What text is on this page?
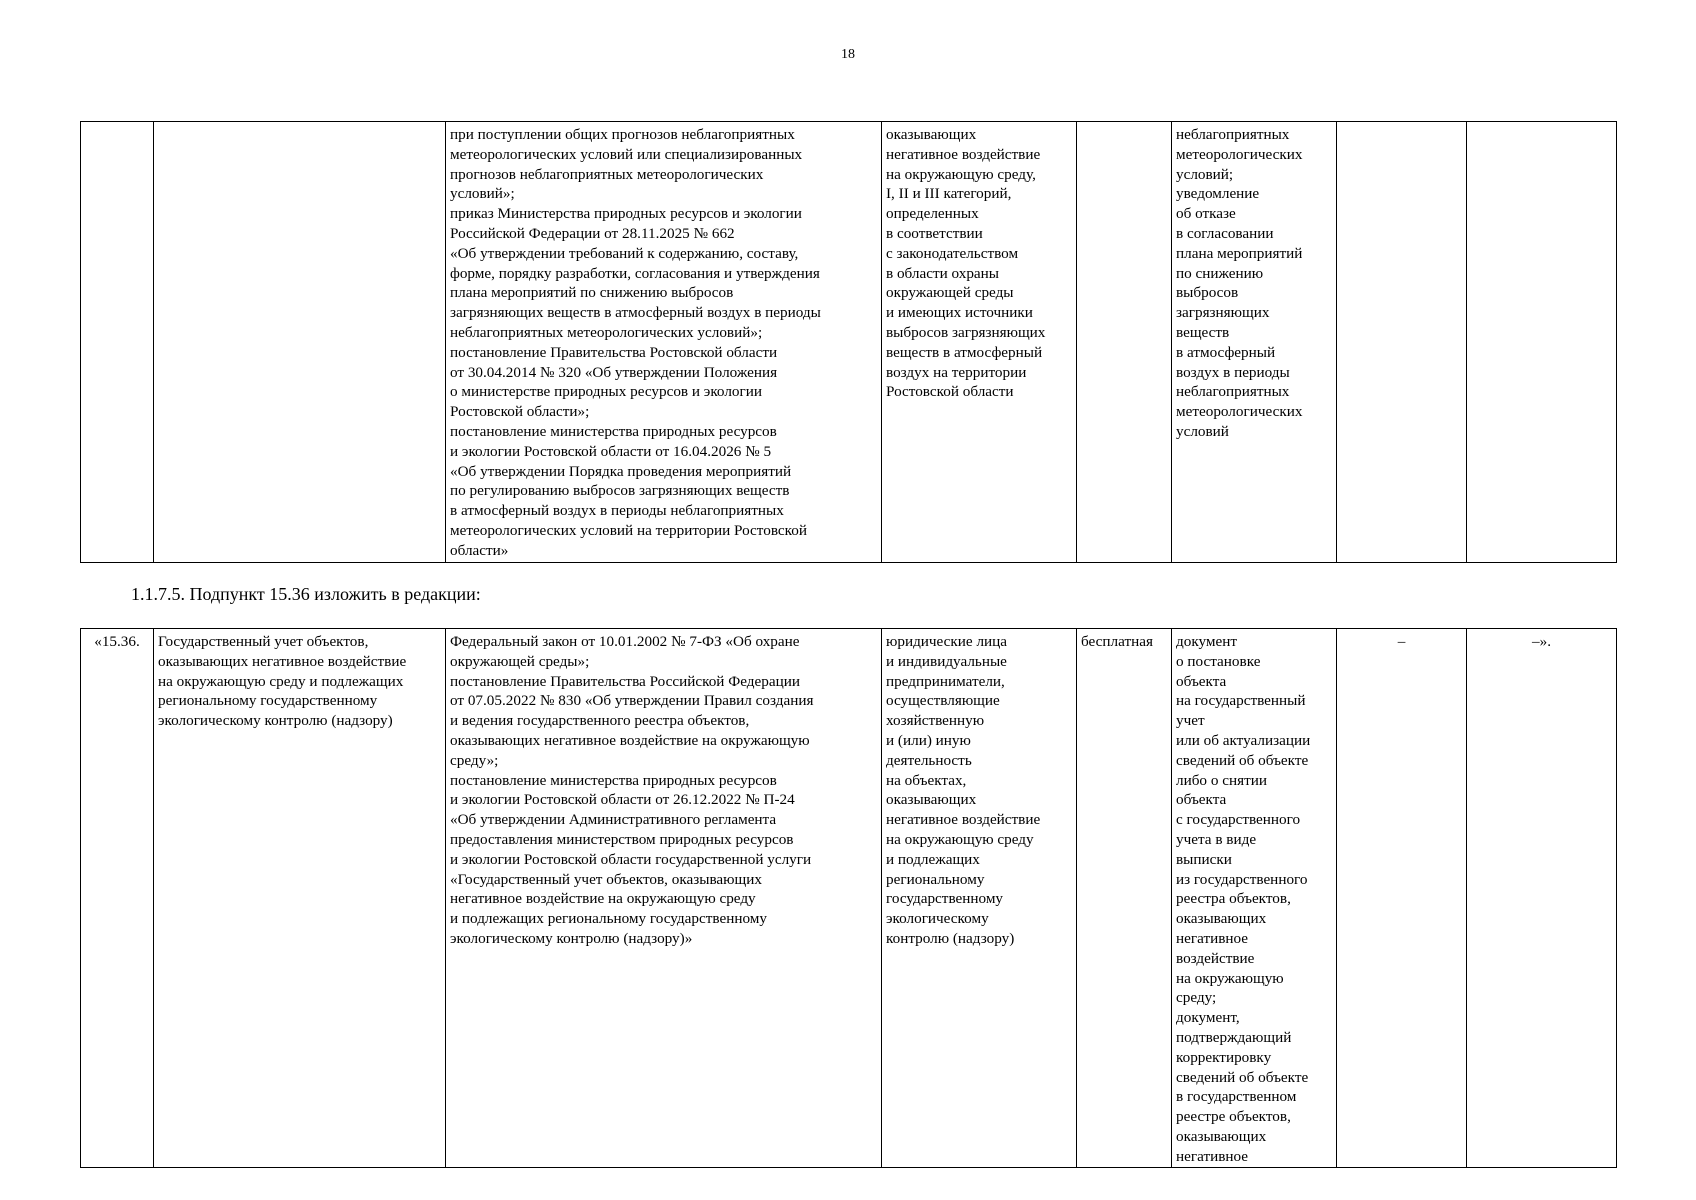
18
		при поступлении общих прогнозов неблагоприятных
метеорологических условий или специализированных
прогнозов неблагоприятных метеорологических
условий»;
приказ Министерства природных ресурсов и экологии
Российской Федерации от 28.11.2025 № 662
«Об утверждении требований к содержанию, составу,
форме, порядку разработки, согласования и утверждения
плана мероприятий по снижению выбросов
загрязняющих веществ в атмосферный воздух в периоды
неблагоприятных метеорологических условий»;
постановление Правительства Ростовской области
от 30.04.2014 № 320 «Об утверждении Положения
о министерстве природных ресурсов и экологии
Ростовской области»;
постановление министерства природных ресурсов
и экологии Ростовской области от 16.04.2026 № 5
«Об утверждении Порядка проведения мероприятий
по регулированию выбросов загрязняющих веществ
в атмосферный воздух в периоды неблагоприятных
метеорологических условий на территории Ростовской
области»	оказывающих
негативное воздействие
на окружающую среду,
I, II и III категорий,
определенных
в соответствии
с законодательством
в области охраны
окружающей среды
и имеющих источники
выбросов загрязняющих
веществ в атмосферный
воздух на территории
Ростовской области		неблагоприятных
метеорологических
условий;
уведомление
об отказе
в согласовании
плана мероприятий
по снижению
выбросов
загрязняющих
веществ
в атмосферный
воздух в периоды
неблагоприятных
метеорологических
условий		
1.1.7.5. Подпункт 15.36 изложить в редакции:
«15.36.	Государственный учет объектов,
оказывающих негативное воздействие
на окружающую среду и подлежащих
региональному государственному
экологическому контролю (надзору)	Федеральный закон от 10.01.2002 № 7-ФЗ «Об охране
окружающей среды»;
постановление Правительства Российской Федерации
от 07.05.2022 № 830 «Об утверждении Правил создания
и ведения государственного реестра объектов,
оказывающих негативное воздействие на окружающую
среду»;
постановление министерства природных ресурсов
и экологии Ростовской области от 26.12.2022 № П-24
«Об утверждении Административного регламента
предоставления министерством природных ресурсов
и экологии Ростовской области государственной услуги
«Государственный учет объектов, оказывающих
негативное воздействие на окружающую среду
и подлежащих региональному государственному
экологическому контролю (надзору)»	юридические лица
и индивидуальные
предприниматели,
осуществляющие
хозяйственную
и (или) иную
деятельность
на объектах,
оказывающих
негативное воздействие
на окружающую среду
и подлежащих
региональному
государственному
экологическому
контролю (надзору)	бесплатная	документ
о постановке
объекта
на государственный
учет
или об актуализации
сведений об объекте
либо о снятии
объекта
с государственного
учета в виде
выписки
из государственного
реестра объектов,
оказывающих
негативное
воздействие
на окружающую
среду;
документ,
подтверждающий
корректировку
сведений об объекте
в государственном
реестре объектов,
оказывающих
негативное	–	–».
